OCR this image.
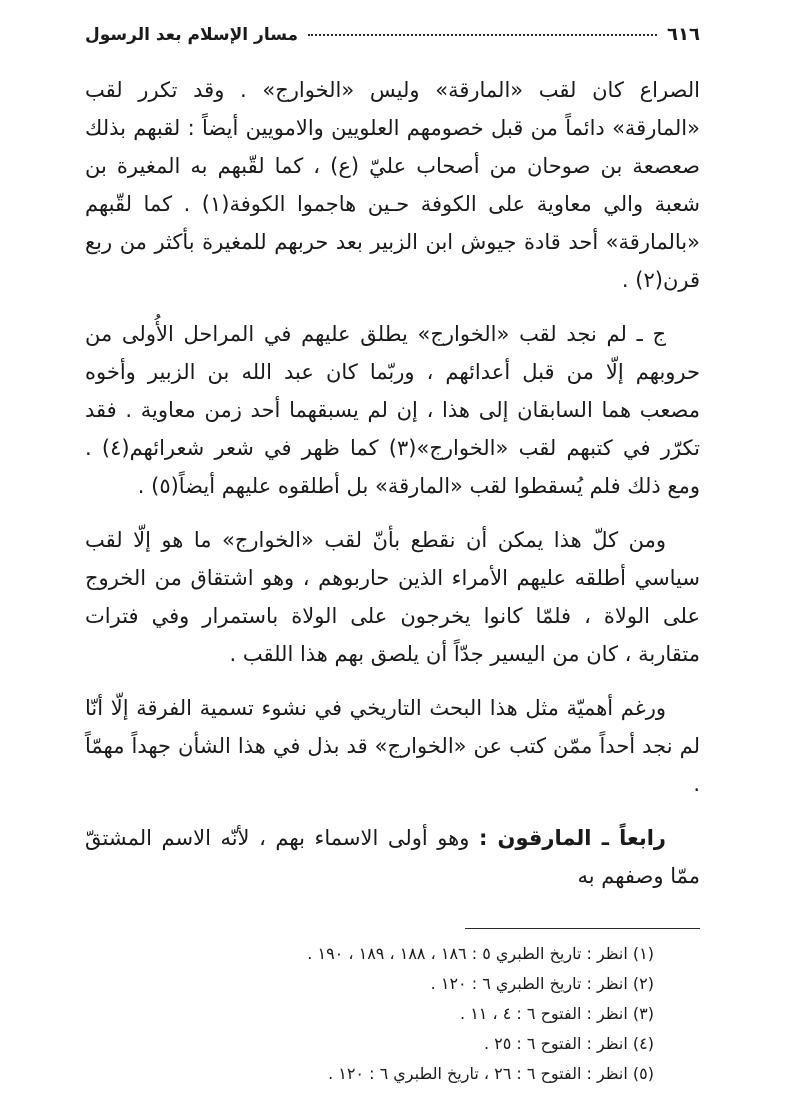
مسار الإسلام بعد الرسول	٦١٦

الصراع كان لقب «المارقة» وليس «الخوارج» . وقد تكرر لقب «المارقة» دائماً من قبل خصومهم العلويين والامويين أيضاً : لقبهم بذلك صعصعة بن صوحان من أصحاب عليّ (ع) ، كما لقّبهم به المغيرة بن شعبة والي معاوية على الكوفة حـين هاجموا الكوفة(١) . كما لقّبهم «بالمارقة» أحد قادة جيوش ابن الزبير بعد حربهم للمغيرة بأكثر من ربع قرن(٢) .

ج ـ لم نجد لقب «الخوارج» يطلق عليهم في المراحل الأُولى من حروبهم إلّا من قبل أعدائهم ، وربّما كان عبد الله بن الزبير وأخوه مصعب هما السابقان إلى هذا ، إن لم يسبقهما أحد زمن معاوية . فقد تكرّر في كتبهم لقب «الخوارج»(٣) كما ظهر في شعر شعرائهم(٤) . ومع ذلك فلم يُسقطوا لقب «المارقة» بل أطلقوه عليهم أيضاً(٥) .

ومن كلّ هذا يمكن أن نقطع بأنّ لقب «الخوارج» ما هو إلّا لقب سياسي أطلقه عليهم الأمراء الذين حاربوهم ، وهو اشتقاق من الخروج على الولاة ، فلمّا كانوا يخرجون على الولاة باستمرار وفي فترات متقاربة ، كان من اليسير جدّاً أن يلصق بهم هذا اللقب .

ورغم أهميّة مثل هذا البحث التاريخي في نشوء تسمية الفرقة إلّا أنّا لم نجد أحداً ممّن كتب عن «الخوارج» قد بذل في هذا الشأن جهداً مهمّاً .

رابعاً ـ المارقون : وهو أولى الاسماء بهم ، لأنّه الاسم المشتقّ ممّا وصفهم به

(١) انظر : تاريخ الطبري ٥ : ١٨٦ ، ١٨٨ ، ١٨٩ ، ١٩٠ .
(٢) انظر : تاريخ الطبري ٦ : ١٢٠ .
(٣) انظر : الفتوح ٦ : ٤ ، ١١ .
(٤) انظر : الفتوح ٦ : ٢٥ .
(٥) انظر : الفتوح ٦ : ٢٦ ، تاريخ الطبري ٦ : ١٢٠ .
